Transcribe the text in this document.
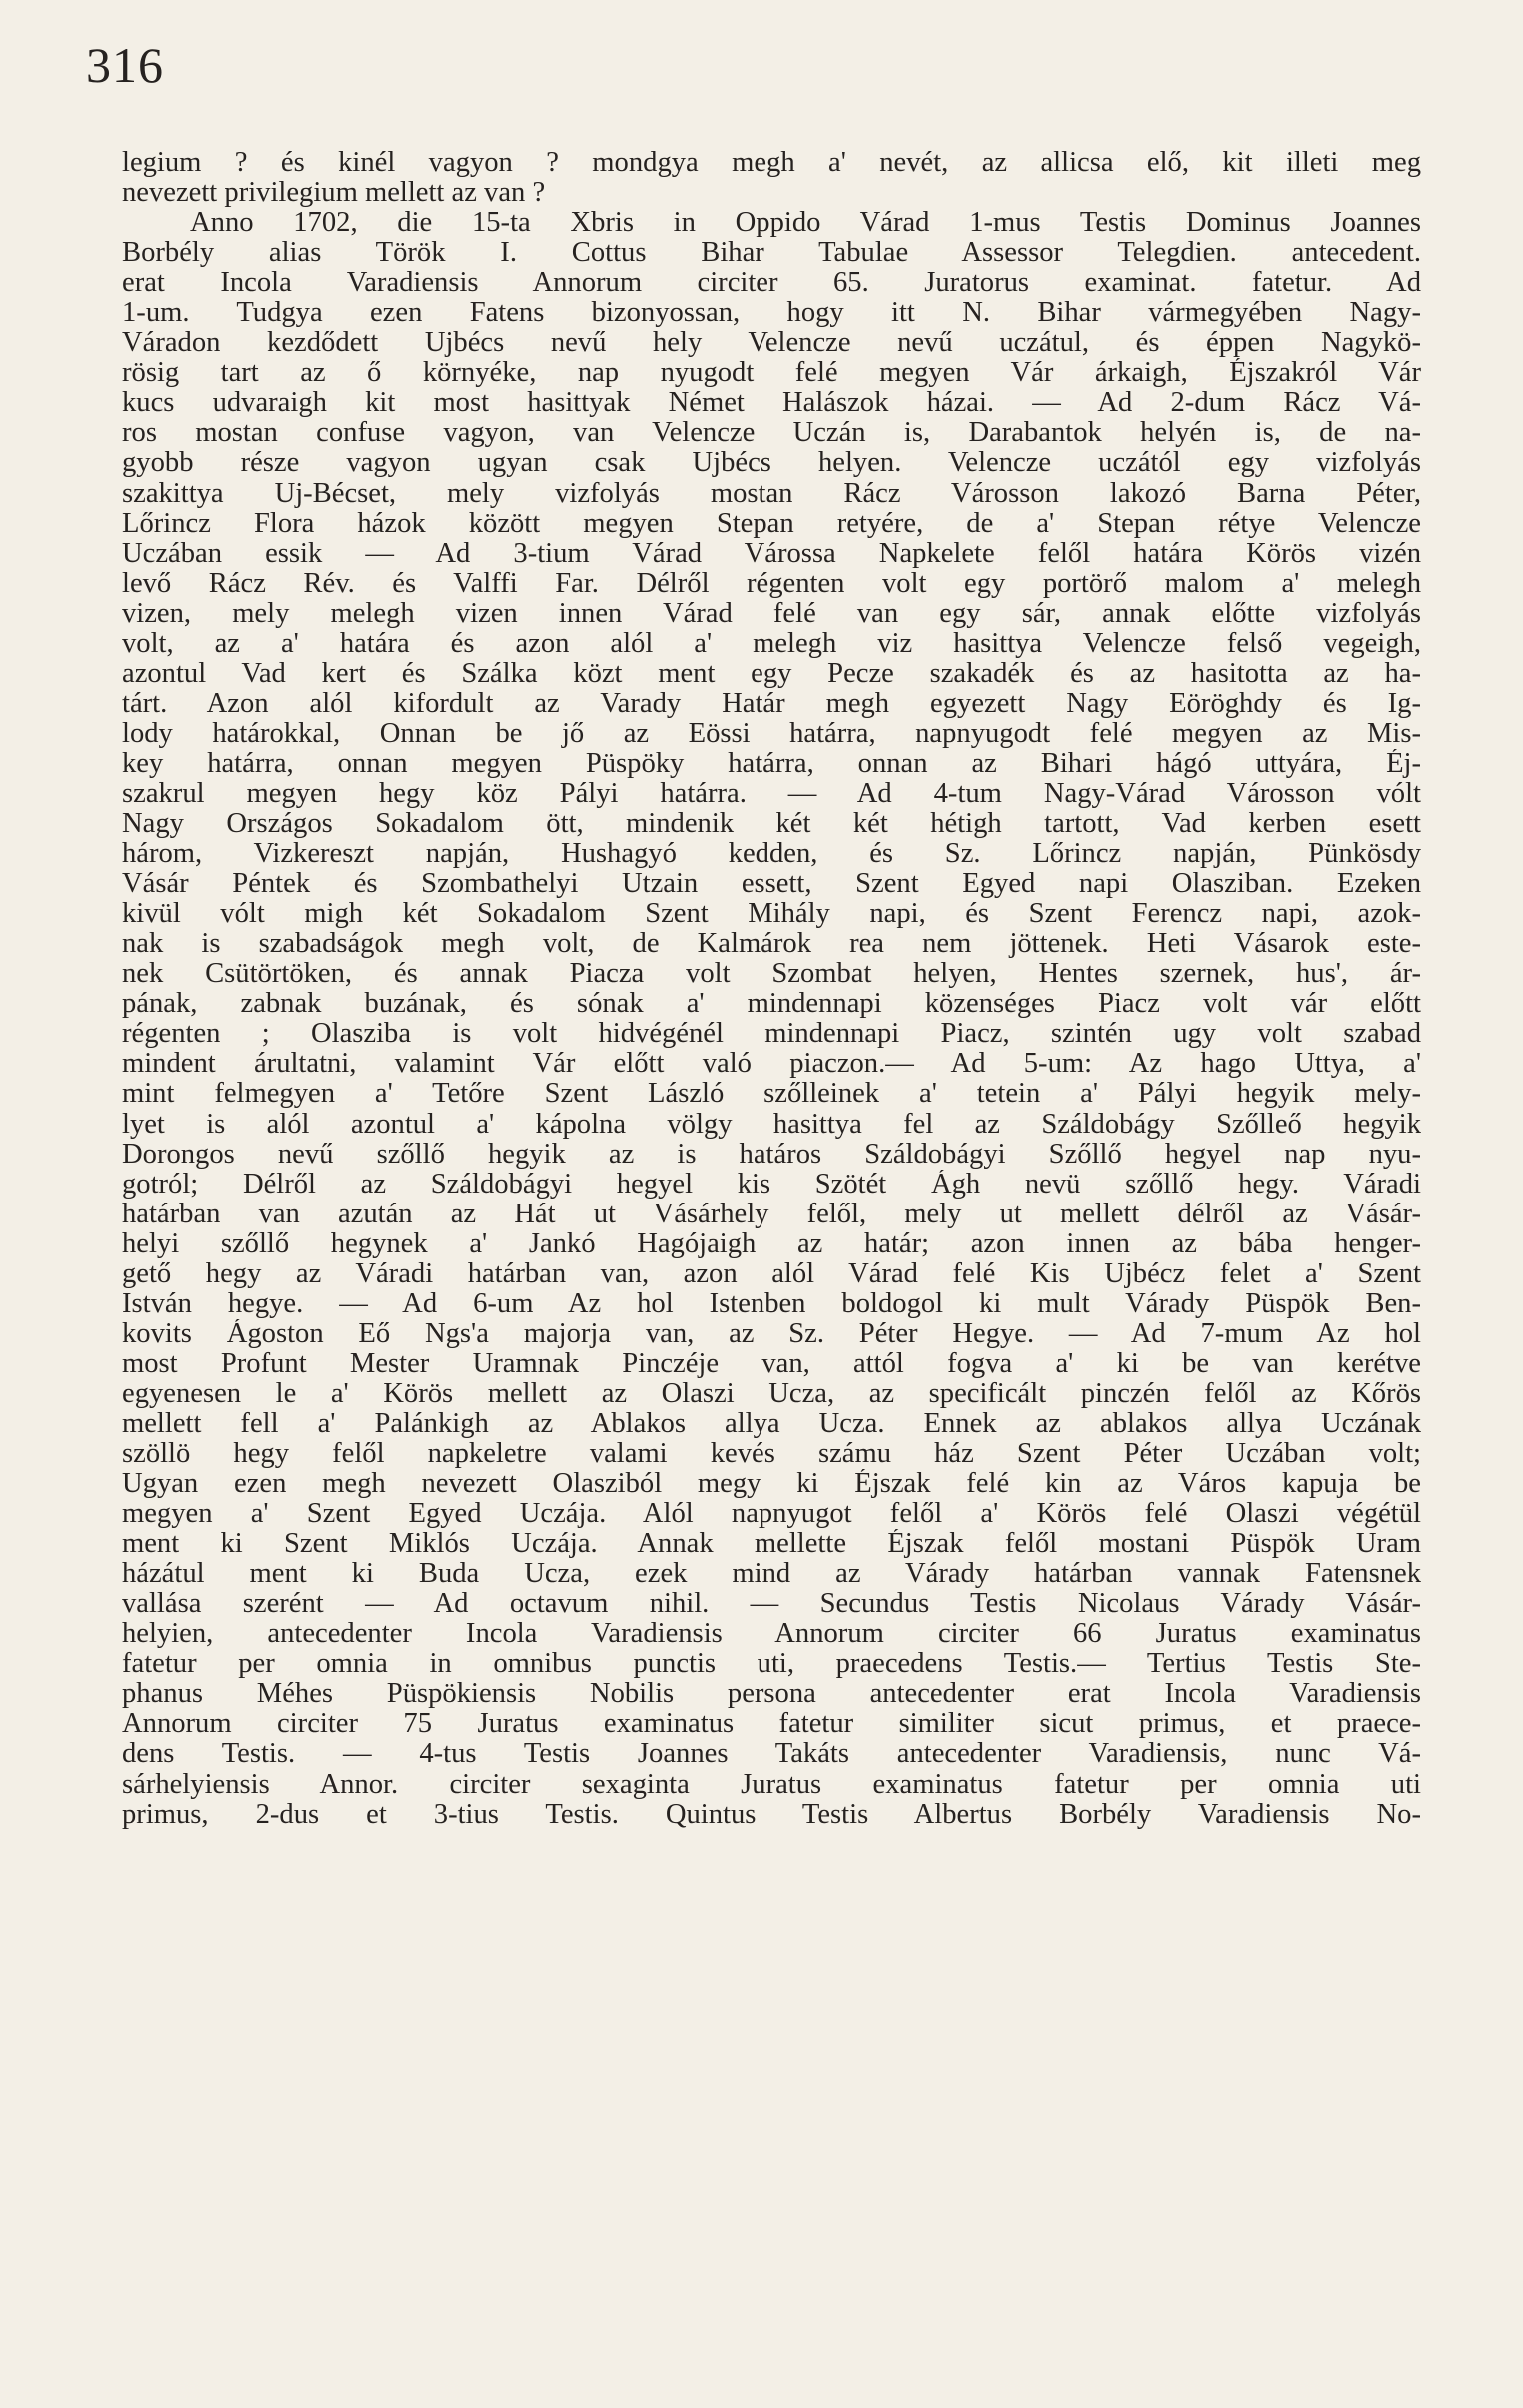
316
legium ? és kinél vagyon ? mondgya megh a' nevét, az allicsa elő, kit illeti meg
nevezett privilegium mellett az van ?
Anno 1702, die 15-ta Xbris in Oppido Várad 1-mus Testis Dominus Joannes
Borbély alias Török I. Cottus Bihar Tabulae Assessor Telegdien. antecedent.
erat Incola Varadiensis Annorum circiter 65. Juratorus examinat. fatetur. Ad
1-um. Tudgya ezen Fatens bizonyossan, hogy itt N. Bihar vármegyében Nagy-
Váradon kezdődett Ujbécs nevű hely Velencze nevű uczátul, és éppen Nagykö-
rösig tart az ő környéke, nap nyugodt felé megyen Vár árkaigh, Éjszakról Vár
kucs udvaraigh kit most hasittyak Német Halászok házai. — Ad 2-dum Rácz Vá-
ros mostan confuse vagyon, van Velencze Uczán is, Darabantok helyén is, de na-
gyobb része vagyon ugyan csak Ujbécs helyen. Velencze uczától egy vizfolyás
szakittya Uj-Bécset, mely vizfolyás mostan Rácz Városson lakozó Barna Péter,
Lőrincz Flora házok között megyen Stepan retyére, de a' Stepan rétye Velencze
Uczában essik — Ad 3-tium Várad Várossa Napkelete felől határa Körös vizén
levő Rácz Rév. és Valffi Far. Délről régenten volt egy portörő malom a' melegh
vizen, mely melegh vizen innen Várad felé van egy sár, annak előtte vizfolyás
volt, az a' határa és azon alól a' melegh viz hasittya Velencze felső vegeigh,
azontul Vad kert és Szálka közt ment egy Pecze szakadék és az hasitotta az ha-
tárt. Azon alól kifordult az Varady Határ megh egyezett Nagy Eöröghdy és Ig-
lody határokkal, Onnan be jő az Eössi határra, napnyugodt felé megyen az Mis-
key határra, onnan megyen Püspöky határra, onnan az Bihari hágó uttyára, Éj-
szakrul megyen hegy köz Pályi határra. — Ad 4-tum Nagy-Várad Városson vólt
Nagy Országos Sokadalom ött, mindenik két két hétigh tartott, Vad kerben esett
három, Vizkereszt napján, Hushagyó kedden, és Sz. Lőrincz napján, Pünkösdy
Vásár Péntek és Szombathelyi Utzain essett, Szent Egyed napi Olasziban. Ezeken
kivül vólt migh két Sokadalom Szent Mihály napi, és Szent Ferencz napi, azok-
nak is szabadságok megh volt, de Kalmárok rea nem jöttenek. Heti Vásarok este-
nek Csütörtöken, és annak Piacza volt Szombat helyen, Hentes szernek, hus', ár-
pának, zabnak buzának, és sónak a' mindennapi közenséges Piacz volt vár előtt
régenten ; Olasziba is volt hidvégénél mindennapi Piacz, szintén ugy volt szabad
mindent árultatni, valamint Vár előtt való piaczon.— Ad 5-um: Az hago Uttya, a'
mint felmegyen a' Tetőre Szent László szőlleinek a' tetein a' Pályi hegyik mely-
lyet is alól azontul a' kápolna völgy hasittya fel az Száldobágy Szőlleő hegyik
Dorongos nevű szőllő hegyik az is határos Száldobágyi Szőllő hegyel nap nyu-
gotról; Délről az Száldobágyi hegyel kis Szötét Ágh nevü szőllő hegy. Váradi
határban van azután az Hát ut Vásárhely felől, mely ut mellett délről az Vásár-
helyi szőllő hegynek a' Jankó Hagójaigh az határ; azon innen az bába henger-
gető hegy az Váradi határban van, azon alól Várad felé Kis Ujbécz felet a' Szent
István hegye. — Ad 6-um Az hol Istenben boldogol ki mult Várady Püspök Ben-
kovits Ágoston Eő Ngs'a majorja van, az Sz. Péter Hegye. — Ad 7-mum Az hol
most Profunt Mester Uramnak Pinczéje van, attól fogva a' ki be van kerétve
egyenesen le a' Körös mellett az Olaszi Ucza, az specificált pinczén felől az Kőrös
mellett fell a' Palánkigh az Ablakos allya Ucza. Ennek az ablakos allya Uczának
szöllö hegy felől napkeletre valami kevés számu ház Szent Péter Uczában volt;
Ugyan ezen megh nevezett Olasziból megy ki Éjszak felé kin az Város kapuja be
megyen a' Szent Egyed Uczája. Alól napnyugot felől a' Körös felé Olaszi végétül
ment ki Szent Miklós Uczája. Annak mellette Éjszak felől mostani Püspök Uram
házátul ment ki Buda Ucza, ezek mind az Várady határban vannak Fatensnek
vallása szerént — Ad octavum nihil. — Secundus Testis Nicolaus Várady Vásár-
helyien, antecedenter Incola Varadiensis Annorum circiter 66 Juratus examinatus
fatetur per omnia in omnibus punctis uti, praecedens Testis.— Tertius Testis Ste-
phanus Méhes Püspökiensis Nobilis persona antecedenter erat Incola Varadiensis
Annorum circiter 75 Juratus examinatus fatetur similiter sicut primus, et praece-
dens Testis. — 4-tus Testis Joannes Takáts antecedenter Varadiensis, nunc Vá-
sárhelyiensis Annor. circiter sexaginta Juratus examinatus fatetur per omnia uti
primus, 2-dus et 3-tius Testis. Quintus Testis Albertus Borbély Varadiensis No-
